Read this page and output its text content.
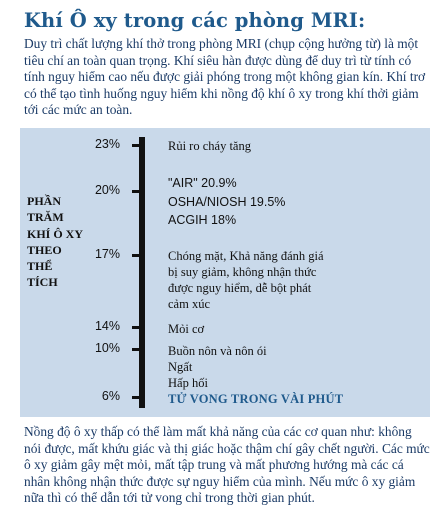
Khí Ô xy trong các phòng MRI:
Duy trì chất lượng khí thở trong phòng MRI (chụp cộng hưởng từ) là một tiêu chí an toàn quan trọng. Khí siêu hàn được dùng để duy trì từ tính có tính nguy hiểm cao nếu được giải phóng trong một không gian kín. Khí trơ có thể tạo tình huống nguy hiểm khi nồng độ khí ô xy trong khí thởi giảm tới các mức an toàn.
23%
20%
17%
14%
10%
6%
PHẦN
TRĂM
KHÍ Ô XY
THEO
THỂ
TÍCH
Rủi ro cháy tăng
"AIR" 20.9%
OSHA/NIOSH 19.5%
ACGIH 18%
Chóng mặt, Khả năng đánh giá
bị suy giảm, không nhận thức
được nguy hiểm, dễ bột phát
cảm xúc
Mỏi cơ
Buồn nôn và nôn ói
Ngất
Hấp hối
TỬ VONG TRONG VÀI PHÚT
Nồng độ ô xy thấp có thể làm mất khả năng của các cơ quan như: không nói được, mất khứu giác và thị giác hoặc thậm chí gây chết người. Các mức ô xy giảm gây mệt mỏi, mất tập trung và mất phương hướng mà các cá nhân không nhận thức được sự nguy hiểm của mình. Nếu mức ô xy giảm nữa thì có thể dẫn tới tử vong chỉ trong thời gian phút.
